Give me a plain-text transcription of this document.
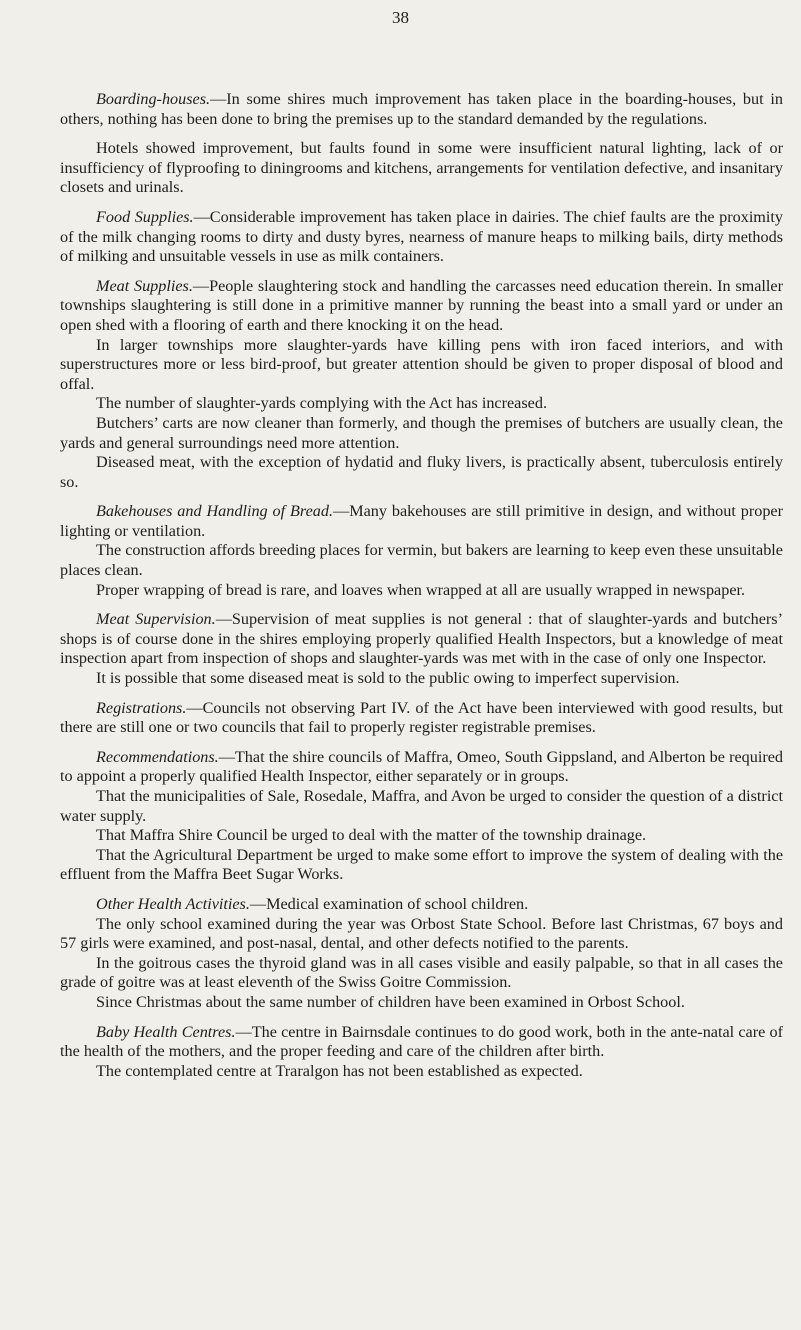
38

Boarding-houses.—In some shires much improvement has taken place in the boarding-houses, but in others, nothing has been done to bring the premises up to the standard demanded by the regulations.

Hotels showed improvement, but faults found in some were insufficient natural lighting, lack of or insufficiency of flyproofing to diningrooms and kitchens, arrangements for ventilation defective, and insanitary closets and urinals.

Food Supplies.—Considerable improvement has taken place in dairies. The chief faults are the proximity of the milk changing rooms to dirty and dusty byres, nearness of manure heaps to milking bails, dirty methods of milking and unsuitable vessels in use as milk containers.

Meat Supplies.—People slaughtering stock and handling the carcasses need education therein. In smaller townships slaughtering is still done in a primitive manner by running the beast into a small yard or under an open shed with a flooring of earth and there knocking it on the head.

In larger townships more slaughter-yards have killing pens with iron faced interiors, and with superstructures more or less bird-proof, but greater attention should be given to proper disposal of blood and offal.

The number of slaughter-yards complying with the Act has increased.

Butchers’ carts are now cleaner than formerly, and though the premises of butchers are usually clean, the yards and general surroundings need more attention.

Diseased meat, with the exception of hydatid and fluky livers, is practically absent, tuberculosis entirely so.

Bakehouses and Handling of Bread.—Many bakehouses are still primitive in design, and without proper lighting or ventilation.

The construction affords breeding places for vermin, but bakers are learning to keep even these unsuitable places clean.

Proper wrapping of bread is rare, and loaves when wrapped at all are usually wrapped in newspaper.

Meat Supervision.—Supervision of meat supplies is not general : that of slaughter-yards and butchers’ shops is of course done in the shires employing properly qualified Health Inspectors, but a knowledge of meat inspection apart from inspection of shops and slaughter-yards was met with in the case of only one Inspector.

It is possible that some diseased meat is sold to the public owing to imperfect supervision.

Registrations.—Councils not observing Part IV. of the Act have been interviewed with good results, but there are still one or two councils that fail to properly register registrable premises.

Recommendations.—That the shire councils of Maffra, Omeo, South Gippsland, and Alberton be required to appoint a properly qualified Health Inspector, either separately or in groups.

That the municipalities of Sale, Rosedale, Maffra, and Avon be urged to consider the question of a district water supply.

That Maffra Shire Council be urged to deal with the matter of the township drainage.

That the Agricultural Department be urged to make some effort to improve the system of dealing with the effluent from the Maffra Beet Sugar Works.

Other Health Activities.—Medical examination of school children.

The only school examined during the year was Orbost State School. Before last Christmas, 67 boys and 57 girls were examined, and post-nasal, dental, and other defects notified to the parents.

In the goitrous cases the thyroid gland was in all cases visible and easily palpable, so that in all cases the grade of goitre was at least eleventh of the Swiss Goitre Commission.

Since Christmas about the same number of children have been examined in Orbost School.

Baby Health Centres.—The centre in Bairnsdale continues to do good work, both in the ante-natal care of the health of the mothers, and the proper feeding and care of the children after birth.

The contemplated centre at Traralgon has not been established as expected.
